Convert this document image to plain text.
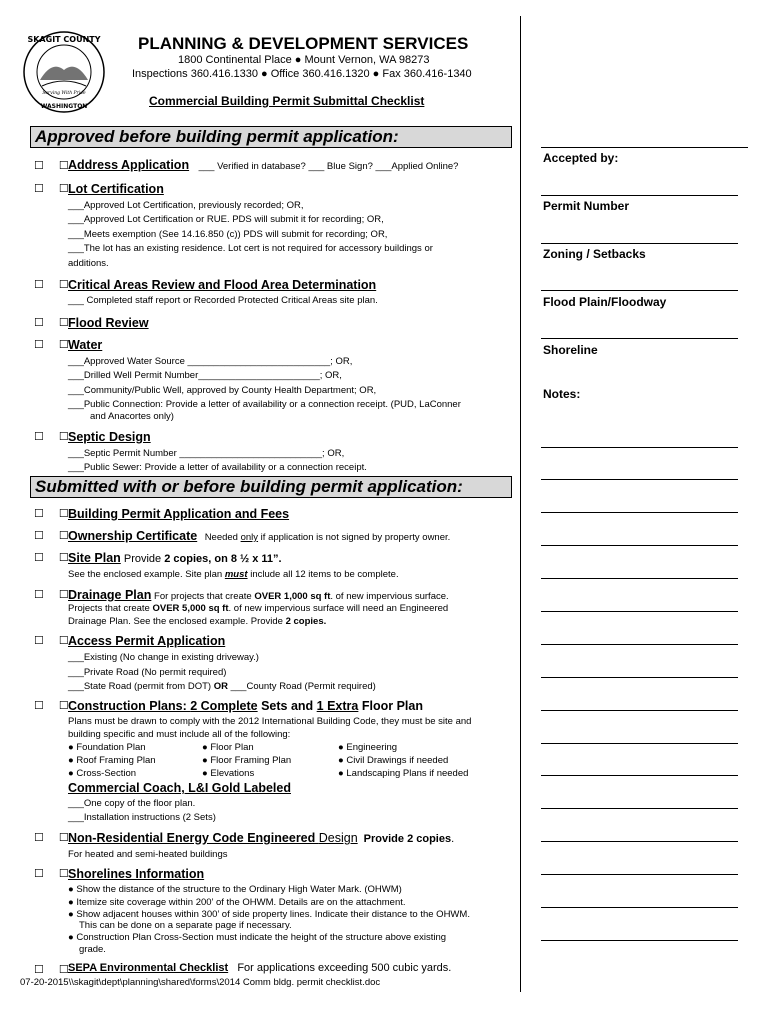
SKAGIT COUNTY
WASHINGTON
Serving With Pride
PLANNING & DEVELOPMENT SERVICES
1800 Continental Place ● Mount Vernon, WA 98273
Inspections 360.416.1330 ● Office 360.416.1320 ● Fax 360.416-1340
Commercial Building Permit Submittal Checklist
Approved before building permit application:
☐ ☐
Address Application ___ Verified in database? ___ Blue Sign? ___Applied Online?
☐ ☐
Lot Certification
___Approved Lot Certification, previously recorded; OR,
___Approved Lot Certification or RUE. PDS will submit it for recording; OR,
___Meets exemption (See 14.16.850 (c)) PDS will submit for recording; OR,
___The lot has an existing residence. Lot cert is not required for accessory buildings or
additions.
☐ ☐
Critical Areas Review and Flood Area Determination
___ Completed staff report or Recorded Protected Critical Areas site plan.
☐ ☐
Flood Review
☐ ☐
Water
___Approved Water Source ___________________________; OR,
___Drilled Well Permit Number_______________________; OR,
___Community/Public Well, approved by County Health Department; OR,
___Public Connection: Provide a letter of availability or a connection receipt. (PUD, LaConner
and Anacortes only)
☐ ☐
Septic Design
___Septic Permit Number ___________________________; OR,
___Public Sewer: Provide a letter of availability or a connection receipt.
Submitted with or before building permit application:
☐ ☐
Building Permit Application and Fees
☐ ☐
Ownership Certificate Needed only if application is not signed by property owner.
☐ ☐
Site Plan Provide 2 copies, on 8 ½ x 11”.
See the enclosed example. Site plan must include all 12 items to be complete.
☐ ☐
Drainage Plan For projects that create OVER 1,000 sq ft. of new impervious surface.
Projects that create OVER 5,000 sq ft. of new impervious surface will need an Engineered
Drainage Plan. See the enclosed example. Provide 2 copies.
☐ ☐
Access Permit Application
___Existing (No change in existing driveway.)
___Private Road (No permit required)
___State Road (permit from DOT) OR ___County Road (Permit required)
☐ ☐
Construction Plans: 2 Complete Sets and 1 Extra Floor Plan
Plans must be drawn to comply with the 2012 International Building Code, they must be site and
building specific and must include all of the following:
● Foundation Plan	● Floor Plan	● Engineering
● Roof Framing Plan	● Floor Framing Plan	● Civil Drawings if needed
● Cross-Section	● Elevations	● Landscaping Plans if needed
Commercial Coach, L&I Gold Labeled
___One copy of the floor plan.
___Installation instructions (2 Sets)
☐ ☐
Non-Residential Energy Code Engineered Design Provide 2 copies.
For heated and semi-heated buildings
☐ ☐
Shorelines Information
● Show the distance of the structure to the Ordinary High Water Mark. (OHWM)
● Itemize site coverage within 200’ of the OHWM. Details are on the attachment.
● Show adjacent houses within 300’ of side property lines. Indicate their distance to the OHWM.
This can be done on a separate page if necessary.
● Construction Plan Cross-Section must indicate the height of the structure above existing
grade.
☐ ☐
SEPA Environmental Checklist For applications exceeding 500 cubic yards.
07-20-2015\\skagit\dept\planning\shared\forms\2014 Comm bldg. permit checklist.doc
Accepted by:
Permit Number
Zoning / Setbacks
Flood Plain/Floodway
Shoreline
Notes:
